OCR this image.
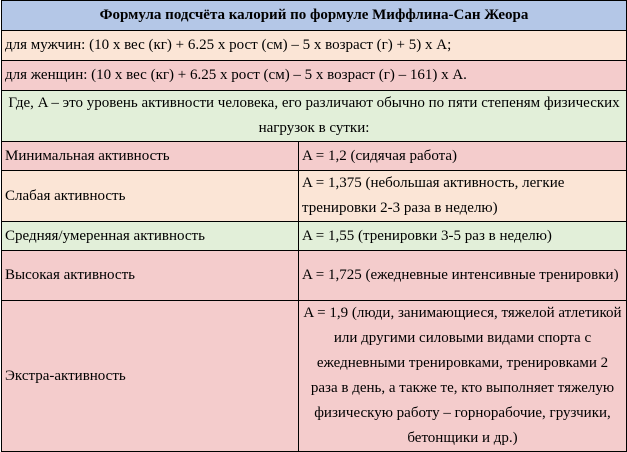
Формула подсчёта калорий по формуле Миффлина-Сан Жеора	
для мужчин: (10 х вес (кг) + 6.25 х рост (см) – 5 х возраст (г) + 5) х A;	
для женщин: (10 х вес (кг) + 6.25 х рост (см) – 5 х возраст (г) – 161) х A.	
Где, A – это уровень активности человека, его различают обычно по пяти степеням физических нагрузок в сутки:	
Минимальная активность	A = 1,2 (сидячая работа)
Слабая активность	A = 1,375 (небольшая активность, легкие тренировки 2-3 раза в неделю)
Средняя/умеренная активность	A = 1,55 (тренировки 3-5 раз в неделю)
Высокая активность	A = 1,725 (ежедневные интенсивные тренировки)
Экстра-активность	A = 1,9 (люди, занимающиеся, тяжелой атлетикой или другими силовыми видами спорта с ежедневными тренировками, тренировками 2 раза в день, а также те, кто выполняет тяжелую физическую работу – горнорабочие, грузчики, бетонщики и др.)
